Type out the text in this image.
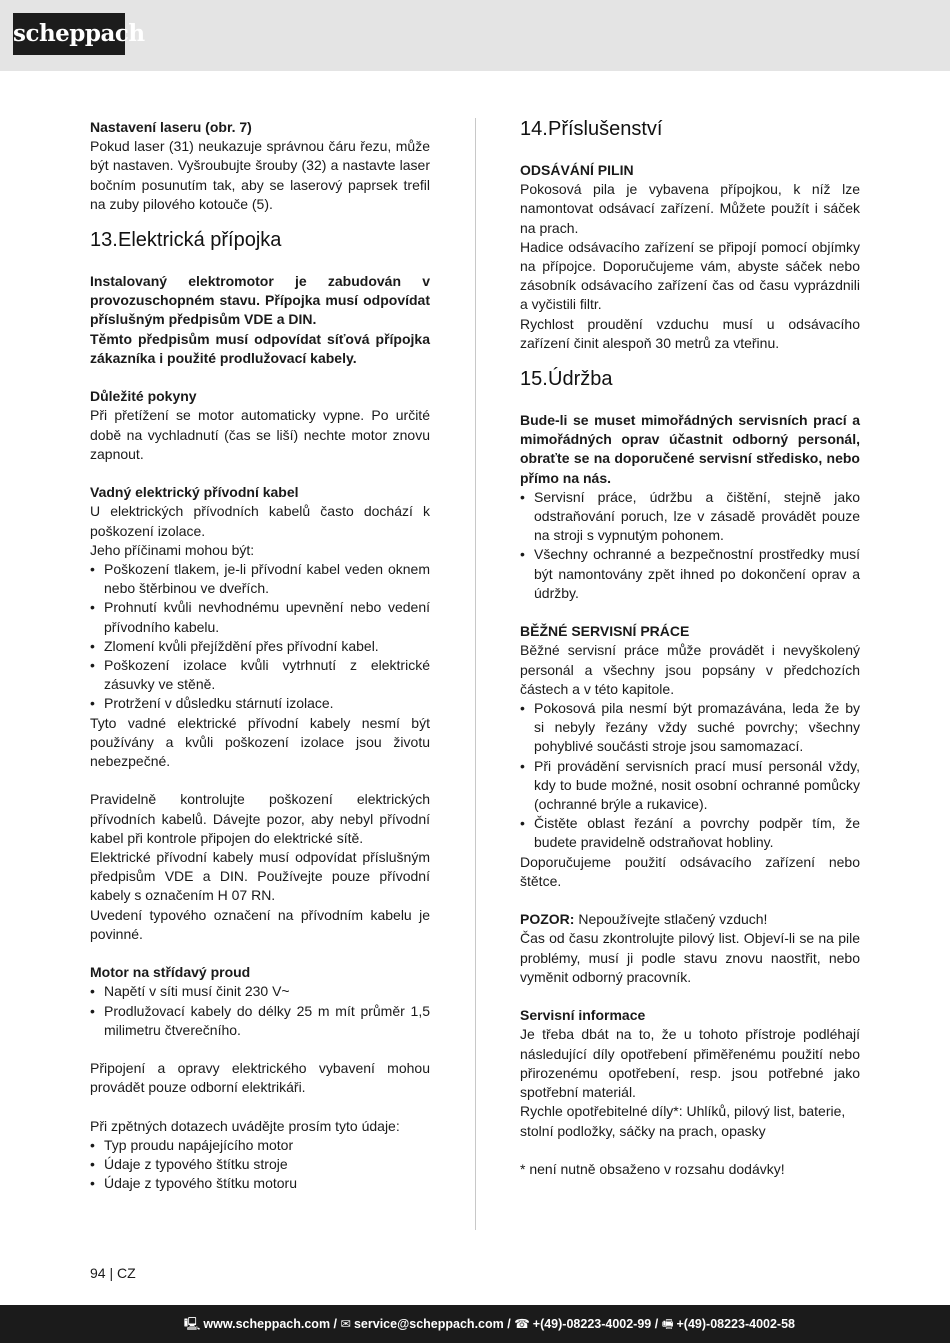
scheppach

Nastavení laseru (obr. 7)

Pokud laser (31) neukazuje správnou čáru řezu, může být nastaven. Vyšroubujte šrouby (32) a nastavte laser bočním posunutím tak, aby se laserový paprsek trefil na zuby pilového kotouče (5).

13.Elektrická přípojka

Instalovaný elektromotor je zabudován v provozuschopném stavu. Přípojka musí odpovídat příslušným předpisům VDE a DIN.

Těmto předpisům musí odpovídat síťová přípojka zákazníka i použité prodlužovací kabely.

Důležité pokyny

Při přetížení se motor automaticky vypne. Po určité době na vychladnutí (čas se liší) nechte motor znovu zapnout.

Vadný elektrický přívodní kabel

U elektrických přívodních kabelů často dochází k poškození izolace.

Jeho příčinami mohou být:

• Poškození tlakem, je-li přívodní kabel veden oknem nebo štěrbinou ve dveřích.
• Prohnutí kvůli nevhodnému upevnění nebo vedení přívodního kabelu.
• Zlomení kvůli přejíždění přes přívodní kabel.
• Poškození izolace kvůli vytrhnutí z elektrické zásuvky ve stěně.
• Protržení v důsledku stárnutí izolace.

Tyto vadné elektrické přívodní kabely nesmí být používány a kvůli poškození izolace jsou životu nebezpečné.

Pravidelně kontrolujte poškození elektrických přívodních kabelů. Dávejte pozor, aby nebyl přívodní kabel při kontrole připojen do elektrické sítě.

Elektrické přívodní kabely musí odpovídat příslušným předpisům VDE a DIN. Používejte pouze přívodní kabely s označením H 07 RN.

Uvedení typového označení na přívodním kabelu je povinné.

Motor na střídavý proud

• Napětí v síti musí činit 230 V~
• Prodlužovací kabely do délky 25 m mít průměr 1,5 milimetru čtverečního.

Připojení a opravy elektrického vybavení mohou provádět pouze odborní elektrikáři.

Při zpětných dotazech uvádějte prosím tyto údaje:

• Typ proudu napájejícího motor
• Údaje z typového štítku stroje
• Údaje z typového štítku motoru
14.Příslušenství

ODSÁVÁNÍ PILIN

Pokosová pila je vybavena přípojkou, k níž lze namontovat odsávací zařízení. Můžete použít i sáček na prach.

Hadice odsávacího zařízení se připojí pomocí objímky na přípojce. Doporučujeme vám, abyste sáček nebo zásobník odsávacího zařízení čas od času vyprázdnili a vyčistili filtr.

Rychlost proudění vzduchu musí u odsávacího zařízení činit alespoň 30 metrů za vteřinu.

15.Údržba

Bude-li se muset mimořádných servisních prací a mimořádných oprav účastnit odborný personál, obraťte se na doporučené servisní středisko, nebo přímo na nás.

• Servisní práce, údržbu a čištění, stejně jako odstraňování poruch, lze v zásadě provádět pouze na stroji s vypnutým pohonem.
• Všechny ochranné a bezpečnostní prostředky musí být namontovány zpět ihned po dokončení oprav a údržby.

BĚŽNÉ SERVISNÍ PRÁCE

Běžné servisní práce může provádět i nevyškolený personál a všechny jsou popsány v předchozích částech a v této kapitole.

• Pokosová pila nesmí být promazávána, leda že by si nebyly řezány vždy suché povrchy; všechny pohyblivé součásti stroje jsou samomazací.
• Při provádění servisních prací musí personál vždy, kdy to bude možné, nosit osobní ochranné pomůcky (ochranné brýle a rukavice).
• Čistěte oblast řezání a povrchy podpěr tím, že budete pravidelně odstraňovat hobliny.

Doporučujeme použití odsávacího zařízení nebo štětce.

POZOR: Nepoužívejte stlačený vzduch!

Čas od času zkontrolujte pilový list. Objeví-li se na pile problémy, musí ji podle stavu znovu naostřit, nebo vyměnit odborný pracovník.

Servisní informace

Je třeba dbát na to, že u tohoto přístroje podléhají následující díly opotřebení přiměřenému použití nebo přirozenému opotřebení, resp. jsou potřebné jako spotřební materiál.

Rychle opotřebitelné díly*: Uhlíků, pilový list, baterie, stolní podložky, sáčky na prach, opasky

* není nutně obsaženo v rozsahu dodávky!

94 | CZ
🖳 www.scheppach.com / ✉ service@scheppach.com / ☎ +(49)-08223-4002-99 / 🖷 +(49)-08223-4002-58
